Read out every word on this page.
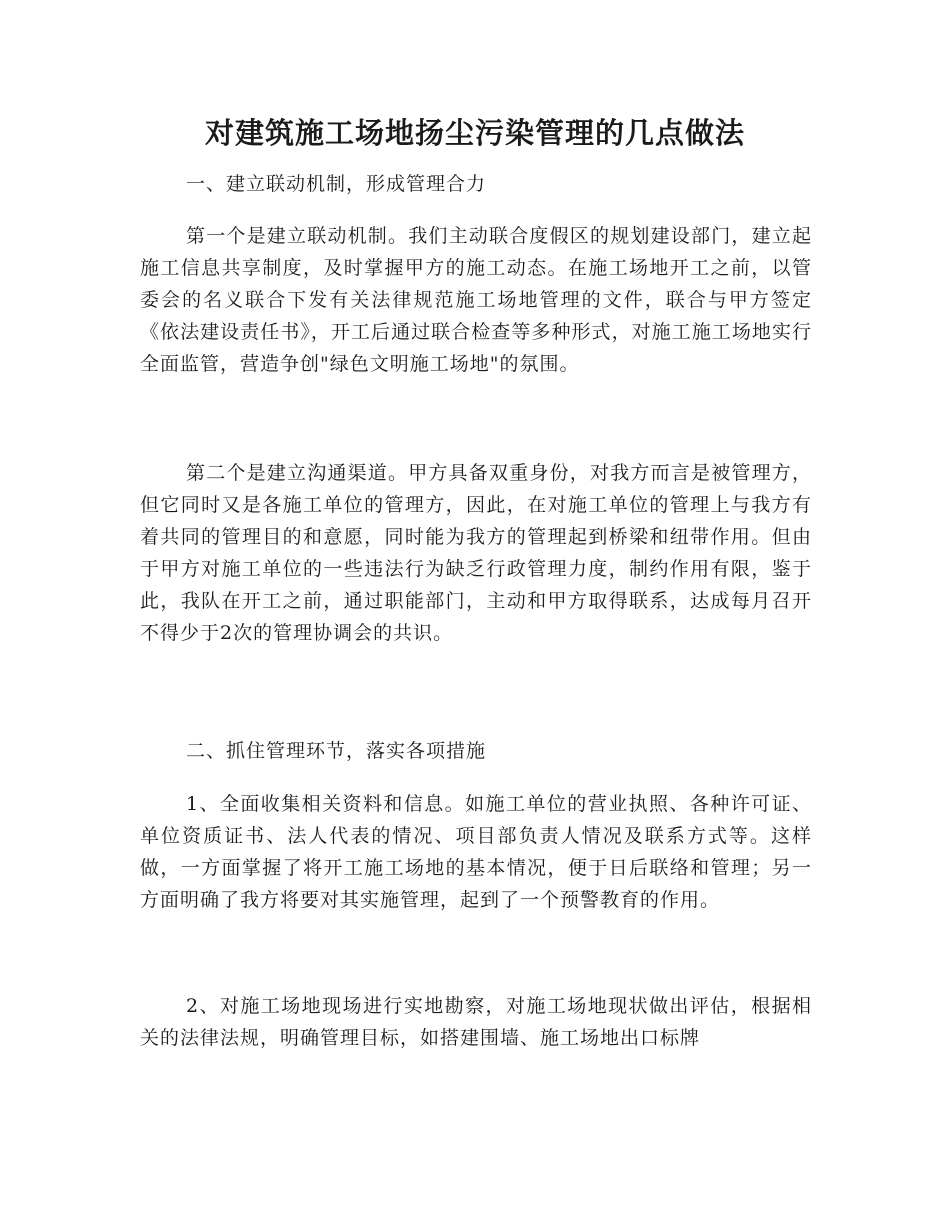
对建筑施工场地扬尘污染管理的几点做法
一、建立联动机制，形成管理合力
第一个是建立联动机制。我们主动联合度假区的规划建设部门，建立起施工信息共享制度，及时掌握甲方的施工动态。在施工场地开工之前，以管委会的名义联合下发有关法律规范施工场地管理的文件，联合与甲方签定《依法建设责任书》，开工后通过联合检查等多种形式，对施工施工场地实行全面监管，营造争创"绿色文明施工场地"的氛围。
第二个是建立沟通渠道。甲方具备双重身份，对我方而言是被管理方，但它同时又是各施工单位的管理方，因此，在对施工单位的管理上与我方有着共同的管理目的和意愿，同时能为我方的管理起到桥梁和纽带作用。但由于甲方对施工单位的一些违法行为缺乏行政管理力度，制约作用有限，鉴于此，我队在开工之前，通过职能部门，主动和甲方取得联系，达成每月召开不得少于2次的管理协调会的共识。
二、抓住管理环节，落实各项措施
1、全面收集相关资料和信息。如施工单位的营业执照、各种许可证、单位资质证书、法人代表的情况、项目部负责人情况及联系方式等。这样做，一方面掌握了将开工施工场地的基本情况，便于日后联络和管理；另一方面明确了我方将要对其实施管理，起到了一个预警教育的作用。
2、对施工场地现场进行实地勘察，对施工场地现状做出评估，根据相关的法律法规，明确管理目标，如搭建围墙、施工场地出口标牌
